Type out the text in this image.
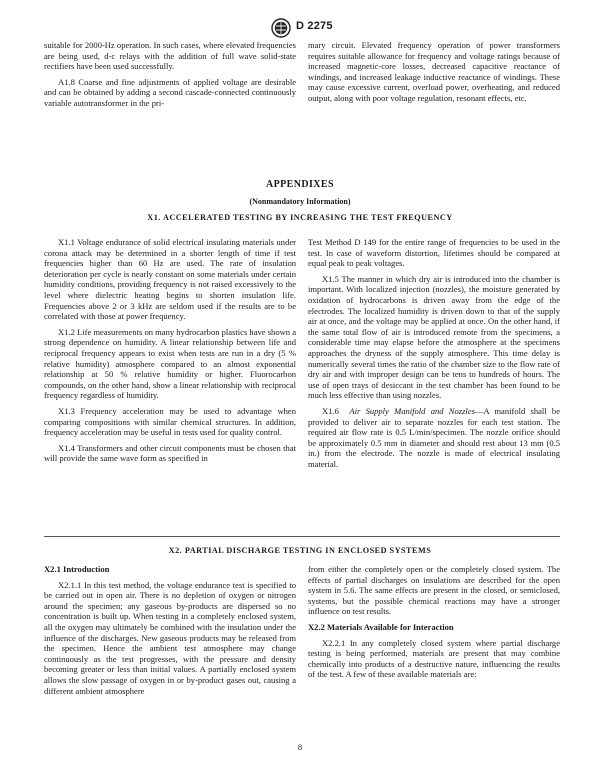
D 2275

suitable for 2000-Hz operation. In such cases, where elevated frequencies are being used, d-c relays with the addition of full wave solid-state rectifiers have been used successfully.

A1.8 Coarse and fine adjustments of applied voltage are desirable and can be obtained by adding a second cascade-connected continuously variable autotransformer in the pri-

mary circuit. Elevated frequency operation of power transformers requires suitable allowance for frequency and voltage ratings because of increased magnetic-core losses, decreased capacitive reactance of windings, and increased leakage inductive reactance of windings. These may cause excessive current, overload power, overheating, and reduced output, along with poor voltage regulation, resonant effects, etc.

APPENDIXES
(Nonmandatory Information)
X1. ACCELERATED TESTING BY INCREASING THE TEST FREQUENCY

X1.1 Voltage endurance of solid electrical insulating materials under corona attack may be determined in a shorter length of time if test frequencies higher than 60 Hz are used. The rate of insulation deterioration per cycle is nearly constant on some materials under certain humidity conditions, providing frequency is not raised excessively to the level where dielectric heating begins to shorten insulation life. Frequencies above 2 or 3 kHz are seldom used if the results are to be correlated with those at power frequency.

X1.2 Life measurements on many hydrocarbon plastics have shown a strong dependence on humidity. A linear relationship between life and reciprocal frequency appears to exist when tests are run in a dry (5 % relative humidity) atmosphere compared to an almost exponential relationship at 50 % relative humidity or higher. Fluorocarbon compounds, on the other hand, show a linear relationship with reciprocal frequency regardless of humidity.

X1.3 Frequency acceleration may be used to advantage when comparing compositions with similar chemical structures. In addition, frequency acceleration may be useful in tests used for quality control.

X1.4 Transformers and other circuit components must be chosen that will provide the same wave form as specified in

Test Method D 149 for the entire range of frequencies to be used in the test. In case of waveform distortion, lifetimes should be compared at equal peak to peak voltages.

X1.5 The manner in which dry air is introduced into the chamber is important. With localized injection (nozzles), the moisture generated by oxidation of hydrocarbons is driven away from the edge of the electrodes. The localized humidity is driven down to that of the supply air at once, and the voltage may be applied at once. On the other hand, if the same total flow of air is introduced remote from the specimens, a considerable time may elapse before the atmosphere at the specimens approaches the dryness of the supply atmosphere. This time delay is numerically several times the ratio of the chamber size to the flow rate of dry air and with improper design can be tens to hundreds of hours. The use of open trays of desiccant in the test chamber has been found to be much less effective than using nozzles.

X1.6 Air Supply Manifold and Nozzles—A manifold shall be provided to deliver air to separate nozzles for each test station. The required air flow rate is 0.5 L/min/specimen. The nozzle orifice should be approximately 0.5 mm in diameter and should rest about 13 mm (0.5 in.) from the electrode. The nozzle is made of electrical insulating material.

X2. PARTIAL DISCHARGE TESTING IN ENCLOSED SYSTEMS
X2.1 Introduction

X2.1.1 In this test method, the voltage endurance test is specified to be carried out in open air. There is no depletion of oxygen or nitrogen around the specimen; any gaseous by-products are dispersed so no concentration is built up. When testing in a completely enclosed system, all the oxygen may ultimately be combined with the insulation under the influence of the discharges. New gaseous products may be released from the specimen. Hence the ambient test atmosphere may change continuously as the test progresses, with the pressure and density becoming greater or less than initial values. A partially enclosed system allows the slow passage of oxygen in or by-product gases out, causing a different ambient atmosphere

from either the completely open or the completely closed system. The effects of partial discharges on insulations are described for the open system in 5.6. The same effects are present in the closed, or semiclosed, systems, but the possible chemical reactions may have a stronger influence on test results.

X2.2 Materials Available for Interaction

X2.2.1 In any completely closed system where partial discharge testing is being performed, materials are present that may combine chemically into products of a destructive nature, influencing the results of the test. A few of these available materials are:

8
